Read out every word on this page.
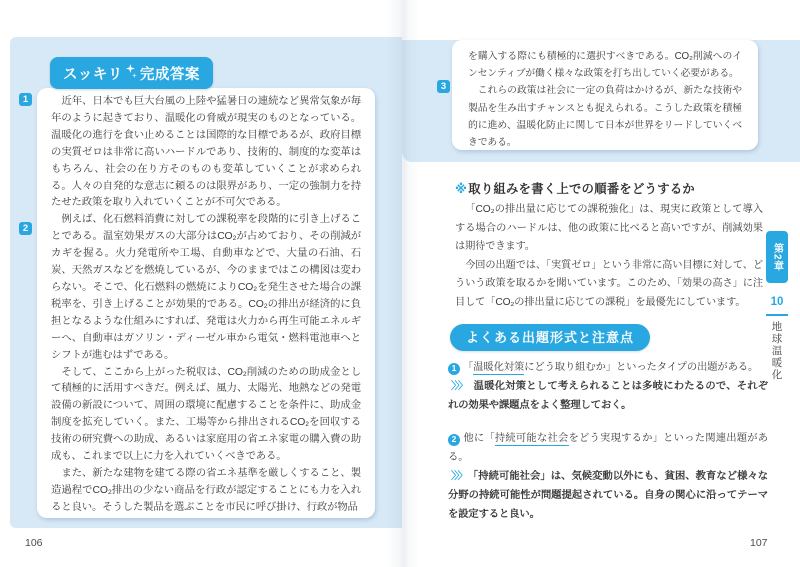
スッキリ 完成答案

近年、日本でも巨大台風の上陸や猛暑日の連続など異常気象が毎年のように起きており、温暖化の脅威が現実のものとなっている。温暖化の進行を食い止めることは国際的な目標であるが、政府目標の実質ゼロは非常に高いハードルであり、技術的、制度的な変革はもちろん、社会の在り方そのものも変革していくことが求められる。人々の自発的な意志に頼るのは限界があり、一定の強制力を持たせた政策を取り入れていくことが不可欠である。

例えば、化石燃料消費に対しての課税率を段階的に引き上げることである。温室効果ガスの大部分はCO₂が占めており、その削減がカギを握る。火力発電所や工場、自動車などで、大量の石油、石炭、天然ガスなどを燃焼しているが、今のままではこの構図は変わらない。そこで、化石燃料の燃焼によりCO₂を発生させた場合の課税率を、引き上げることが効果的である。CO₂の排出が経済的に負担となるような仕組みにすれば、発電は火力から再生可能エネルギーへ、自動車はガソリン・ディーゼル車から電気・燃料電池車へとシフトが進むはずである。

そして、ここから上がった税収は、CO₂削減のための助成金として積極的に活用すべきだ。例えば、風力、太陽光、地熱などの発電設備の新設について、周囲の環境に配慮することを条件に、助成金制度を拡充していく。また、工場等から排出されるCO₂を回収する技術の研究費への助成、あるいは家庭用の省エネ家電の購入費の助成も、これまで以上に力を入れていくべきである。

また、新たな建物を建てる際の省エネ基準を厳しくすること、製造過程でCO₂排出の少ない商品を行政が認定することにも力を入れると良い。そうした製品を選ぶことを市民に呼び掛け、行政が物品

1
2
3

を購入する際にも積極的に選択すべきである。CO₂削減へのインセンティブが働く様々な政策を打ち出していく必要がある。

これらの政策は社会に一定の負荷はかけるが、新たな技術や製品を生み出すチャンスとも捉えられる。こうした政策を積極的に進め、温暖化防止に関して日本が世界をリードしていくべきである。

※取り組みを書く上での順番をどうするか

「CO₂の排出量に応じての課税強化」は、現実に政策として導入する場合のハードルは、他の政策に比べると高いですが、削減効果は期待できます。

今回の出題では、「実質ゼロ」という非常に高い目標に対して、どういう政策を取るかを聞いています。このため、「効果の高さ」に注目して「CO₂の排出量に応じての課税」を最優先にしています。

よくある出題形式と注意点

1 「温暖化対策にどう取り組むか」といったタイプの出題がある。

〉〉〉 温暖化対策として考えられることは多岐にわたるので、それぞれの効果や課題点をよく整理しておく。

2 他に「持続可能な社会をどう実現するか」といった関連出題がある。

〉〉〉 「持続可能社会」は、気候変動以外にも、貧困、教育など様々な分野の持続可能性が問題提起されている。自身の関心に沿ってテーマを設定すると良い。

第2章
10
地球温暖化
106	107
